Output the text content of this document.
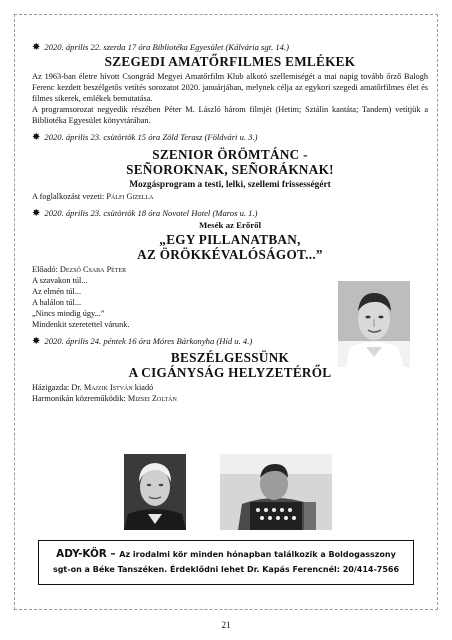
✸ 2020. április 22. szerda 17 óra Bibliotéka Egyesület (Kálvária sgt. 14.)
SZEGEDI AMATŐRFILMES EMLÉKEK

Az 1963-ban életre hívott Csongrád Megyei Amatőrfilm Klub alkotó szellemiségét a mai napig tovább őrző Balogh Ferenc kezdett beszélgetős vetítés sorozatot 2020. januárjában, melynek célja az egykori szegedi amatőrfilmes élet és filmes sikerek, emlékek bemutatása.

A programsorozat negyedik részében Péter M. László három filmjét (Hetim; Sztálin kantáta; Tandem) vetítjük a Bibliotéka Egyesület könyvtárában.

✸ 2020. április 23. csütörtök 15 óra Zöld Terasz (Földvári u. 3.)
SZENIOR ÖRÖMTÁNC -
SEÑOROKNAK, SEÑORÁKNAK!
Mozgásprogram a testi, lelki, szellemi frissességért
A foglalkozást vezeti: Pálfi Gizella
✸ 2020. április 23. csütörtök 18 óra Novotel Hotel (Maros u. 1.)
Mesék az Erőről
„EGY PILLANATBAN,
AZ ÖRÖKKÉVALÓSÁGOT...”
Előadó: Dezső Csaba Péter
A szavakon túl...
Az elmén túl...
A halálon túl...
„Nincs mindig úgy...”
Mindenkit szeretettel várunk.
✸ 2020. április 24. péntek 16 óra Móres Bárkonyha (Híd u. 4.)
BESZÉLGESSÜNK
A CIGÁNYSÁG HELYZETÉRŐL
Házigazda: Dr. Majzik István kiadó
Harmonikán közreműködik: Mizsei Zoltán
ADY-KÖR – Az irodalmi kör minden hónapban találkozik a Boldogasszony
sgt-on a Béke Tanszéken. Érdeklődni lehet Dr. Kapás Ferencnél: 20/414-7566
21
